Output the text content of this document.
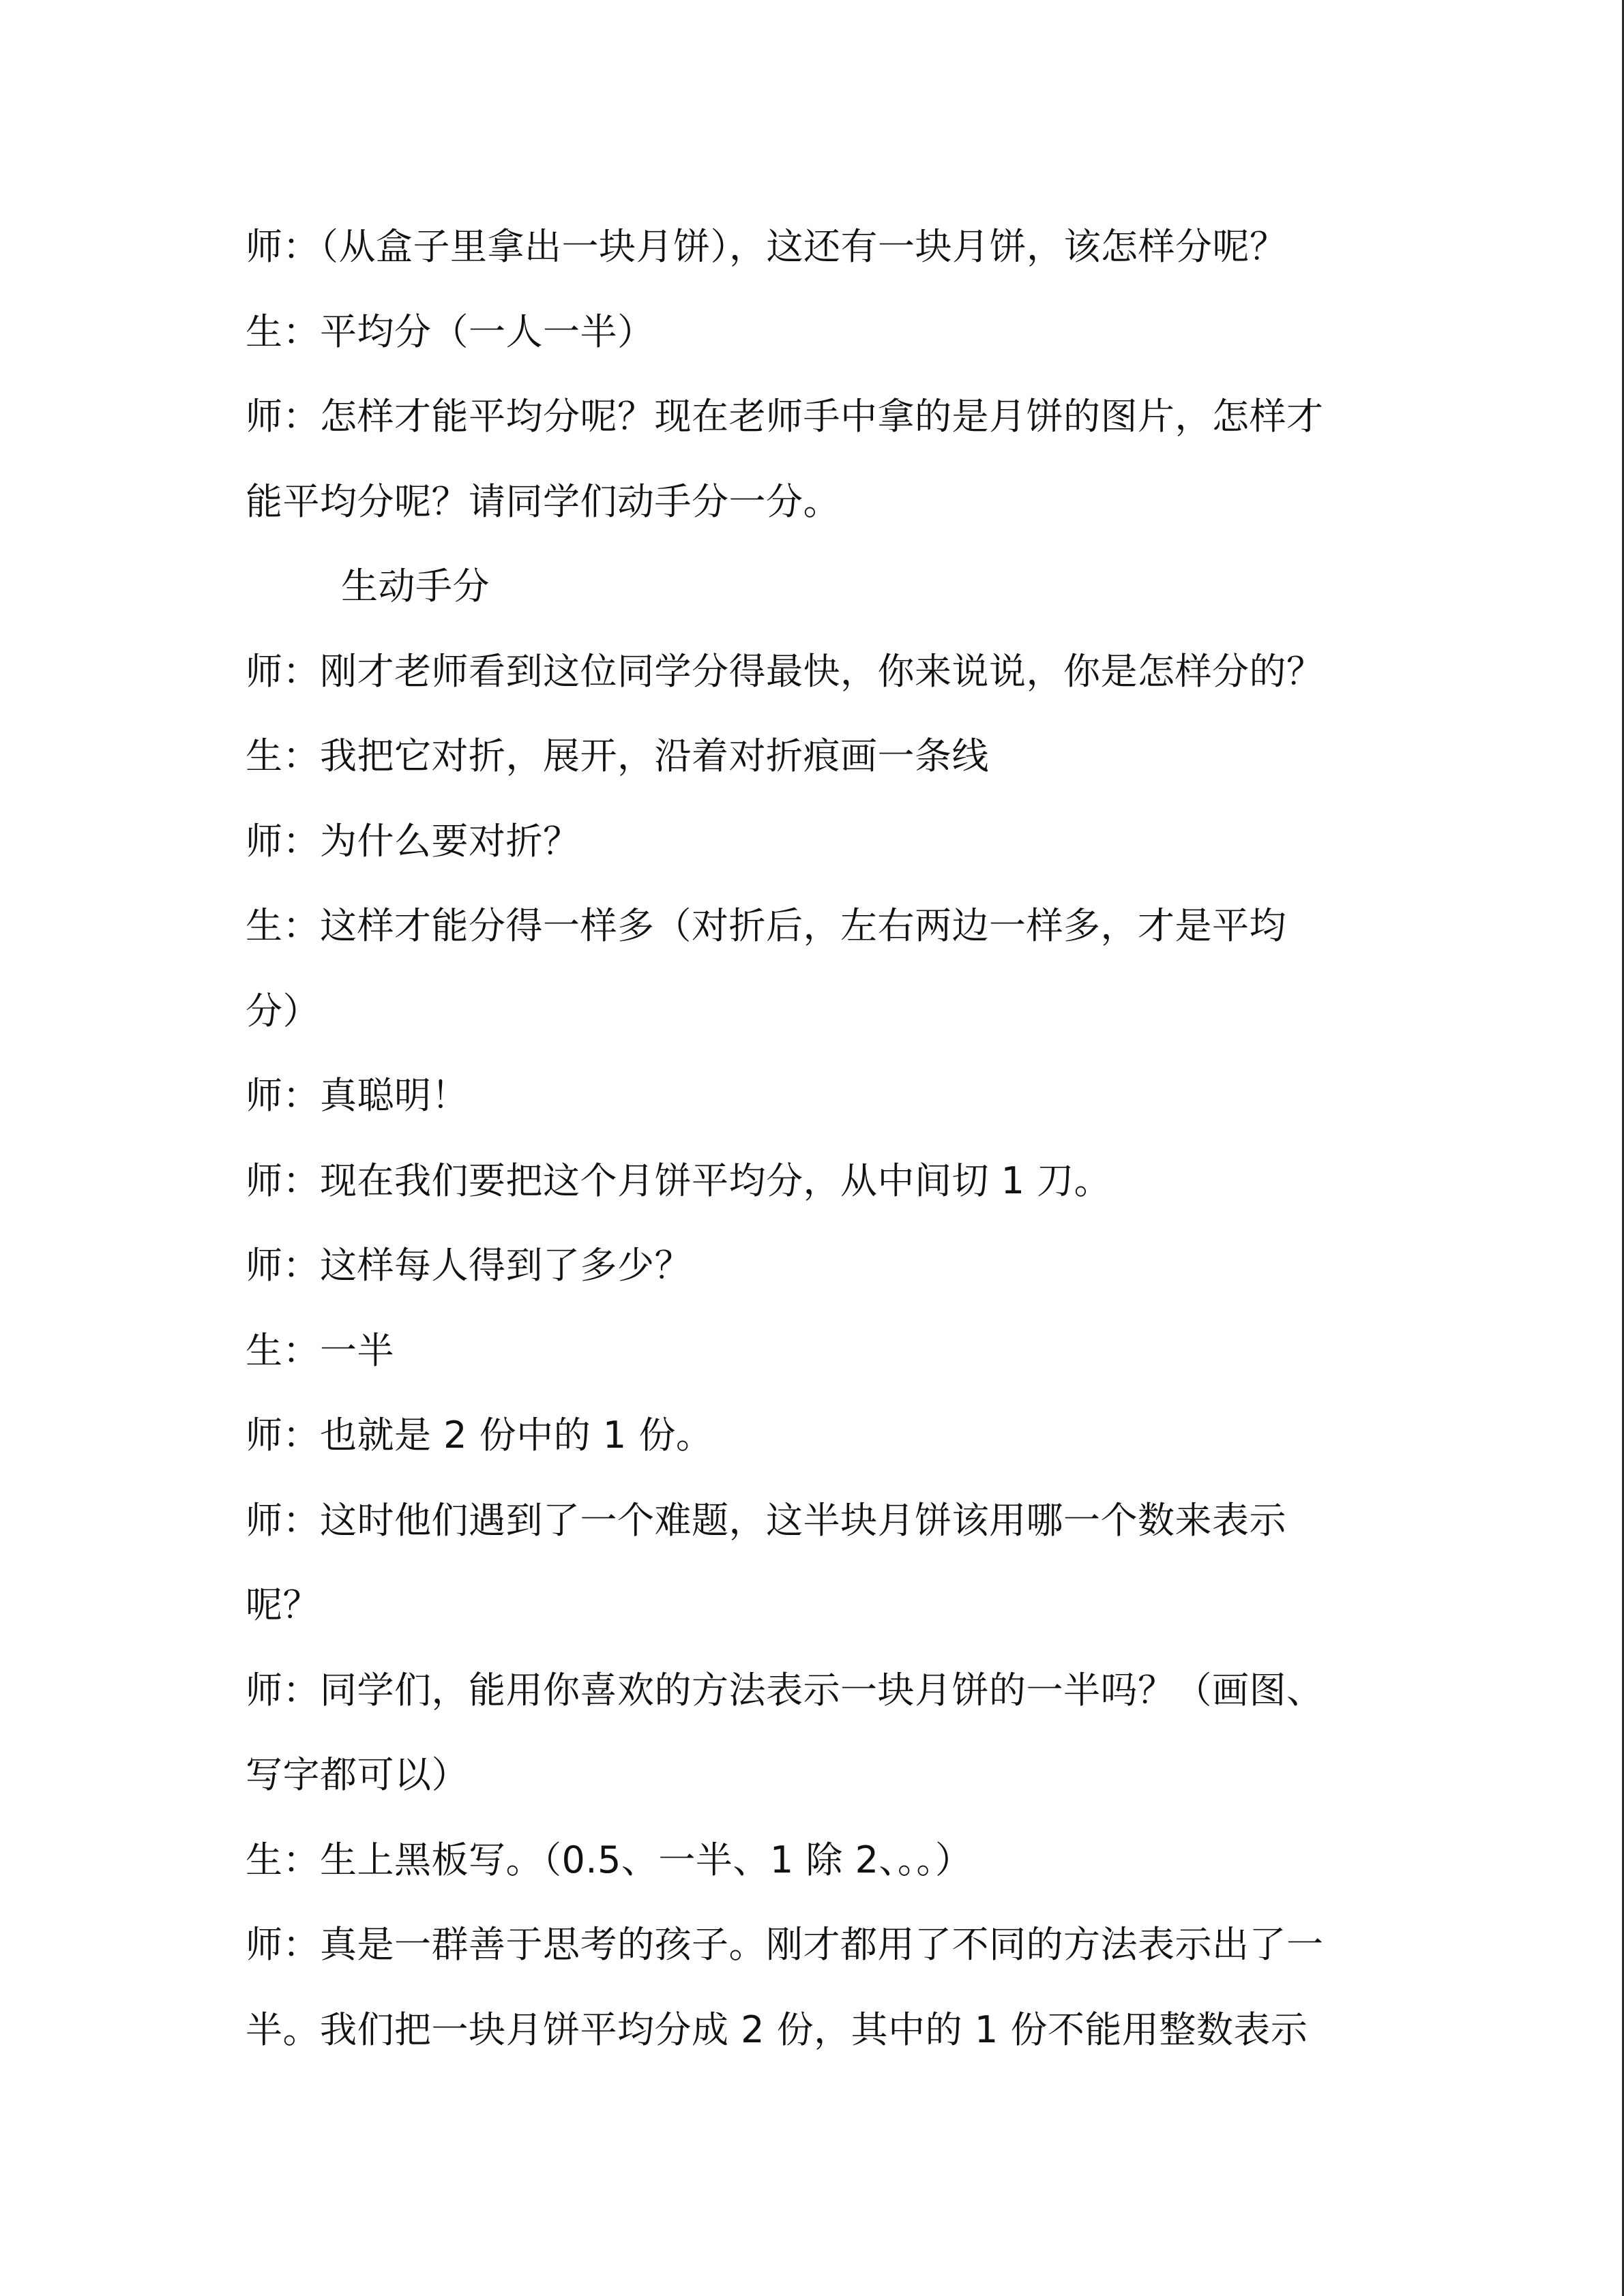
师：（从盒子里拿出一块月饼），这还有一块月饼，该怎样分呢？
生：平均分（一人一半）
师：怎样才能平均分呢？现在老师手中拿的是月饼的图片，怎样才
能平均分呢？请同学们动手分一分。
生动手分
师：刚才老师看到这位同学分得最快，你来说说，你是怎样分的？
生：我把它对折，展开，沿着对折痕画一条线
师：为什么要对折？
生：这样才能分得一样多（对折后，左右两边一样多，才是平均
分）
师：真聪明！
师：现在我们要把这个月饼平均分，从中间切 1 刀。
师：这样每人得到了多少？
生：一半
师：也就是 2 份中的 1 份。
师：这时他们遇到了一个难题，这半块月饼该用哪一个数来表示
呢？
师：同学们，能用你喜欢的方法表示一块月饼的一半吗？（画图、
写字都可以）
生：生上黑板写。（0.5、一半、1 除 2、。。）
师：真是一群善于思考的孩子。刚才都用了不同的方法表示出了一
半。我们把一块月饼平均分成 2 份，其中的 1 份不能用整数表示
